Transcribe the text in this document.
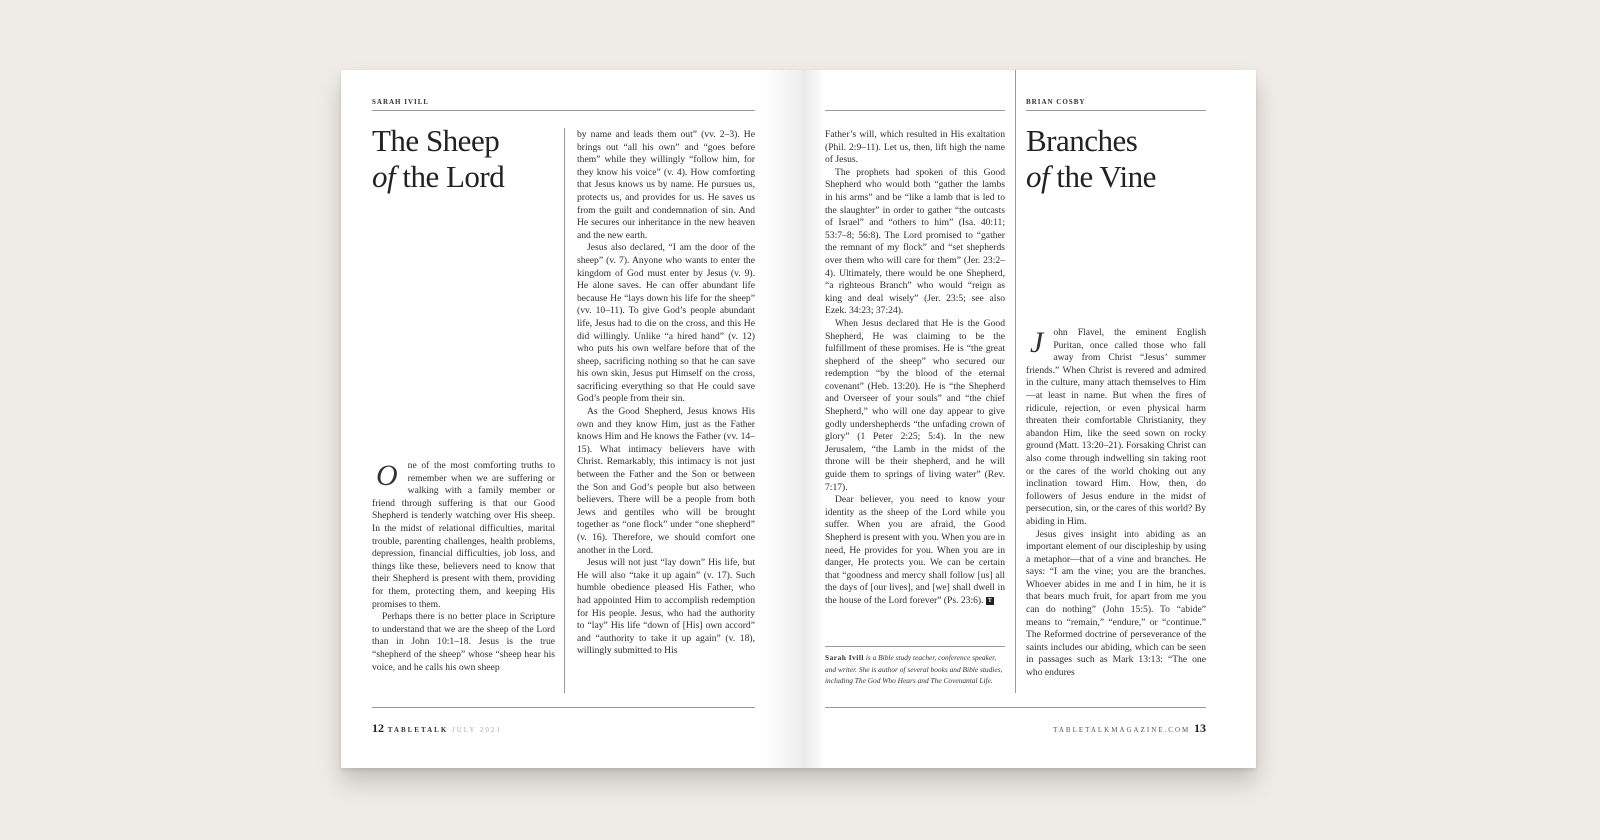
SARAH IVILL
The Sheep
of the Lord

O	ne of the most comforting truths to remember when we are suffering or walking with a family member or friend through suffering is that our Good Shepherd is tenderly watching over His sheep. In the midst of relational difficulties, marital trouble, parenting challenges, health problems, depression, financial difficulties, job loss, and things like these, believers need to know that their Shepherd is present with them, providing for them, protecting them, and keeping His promises to them.

Perhaps there is no better place in Scripture to understand that we are the sheep of the Lord than in John 10:1–18. Jesus is the true “shepherd of the sheep” whose “sheep hear his voice, and he calls his own sheep

by name and leads them out” (vv. 2–3). He brings out “all his own” and “goes before them” while they willingly “follow him, for they know his voice” (v. 4). How comforting that Jesus knows us by name. He pursues us, protects us, and provides for us. He saves us from the guilt and condemnation of sin. And He secures our inheritance in the new heaven and the new earth.

Jesus also declared, “I am the door of the sheep” (v. 7). Anyone who wants to enter the kingdom of God must enter by Jesus (v. 9). He alone saves. He can offer abundant life because He “lays down his life for the sheep” (vv. 10–11). To give God’s people abundant life, Jesus had to die on the cross, and this He did willingly. Unlike “a hired hand” (v. 12) who puts his own welfare before that of the sheep, sacrificing nothing so that he can save his own skin, Jesus put Himself on the cross, sacrificing everything so that He could save God’s people from their sin.

As the Good Shepherd, Jesus knows His own and they know Him, just as the Father knows Him and He knows the Father (vv. 14–15). What intimacy believers have with Christ. Remarkably, this intimacy is not just between the Father and the Son or between the Son and God’s people but also between believers. There will be a people from both Jews and gentiles who will be brought together as “one flock” under “one shepherd” (v. 16). Therefore, we should comfort one another in the Lord.

Jesus will not just “lay down” His life, but He will also “take it up again” (v. 17). Such humble obedience pleased His Father, who had appointed Him to accomplish redemption for His people. Jesus, who had the authority to “lay” His life “down of [His] own accord” and “authority to take it up again” (v. 18), willingly submitted to His

12 TABLETALK JULY 2021

Father’s will, which resulted in His exaltation (Phil. 2:9–11). Let us, then, lift high the name of Jesus.

The prophets had spoken of this Good Shepherd who would both “gather the lambs in his arms” and be “like a lamb that is led to the slaughter” in order to gather “the outcasts of Israel” and “others to him” (Isa. 40:11; 53:7–8; 56:8). The Lord promised to “gather the remnant of my flock” and “set shepherds over them who will care for them” (Jer. 23:2–4). Ultimately, there would be one Shepherd, “a righteous Branch” who would “reign as king and deal wisely” (Jer. 23:5; see also Ezek. 34:23; 37:24).

When Jesus declared that He is the Good Shepherd, He was claiming to be the fulfillment of these promises. He is “the great shepherd of the sheep” who secured our redemption “by the blood of the eternal covenant” (Heb. 13:20). He is “the Shepherd and Overseer of your souls” and “the chief Shepherd,” who will one day appear to give godly undershepherds “the unfading crown of glory” (1 Peter 2:25; 5:4). In the new Jerusalem, “the Lamb in the midst of the throne will be their shepherd, and he will guide them to springs of living water” (Rev. 7:17).

Dear believer, you need to know your identity as the sheep of the Lord while you suffer. When you are afraid, the Good Shepherd is present with you. When you are in need, He provides for you. When you are in danger, He protects you. We can be certain that “goodness and mercy shall follow [us] all the days of [our lives], and [we] shall dwell in the house of the Lord forever” (Ps. 23:6). T

Sarah Ivill is a Bible study teacher, conference speaker, and writer. She is author of several books and Bible studies, including The God Who Hears and The Covenantal Life.
BRIAN COSBY
Branches
of the Vine

J	ohn Flavel, the eminent English Puritan, once called those who fall away from Christ “Jesus’ summer friends.” When Christ is revered and admired in the culture, many attach themselves to Him—at least in name. But when the fires of ridicule, rejection, or even physical harm threaten their comfortable Christianity, they abandon Him, like the seed sown on rocky ground (Matt. 13:20–21). Forsaking Christ can also come through indwelling sin taking root or the cares of the world choking out any inclination toward Him. How, then, do followers of Jesus endure in the midst of persecution, sin, or the cares of this world? By abiding in Him.

Jesus gives insight into abiding as an important element of our discipleship by using a metaphor—that of a vine and branches. He says: “I am the vine; you are the branches. Whoever abides in me and I in him, he it is that bears much fruit, for apart from me you can do nothing” (John 15:5). To “abide” means to “remain,” “endure,” or “continue.” The Reformed doctrine of perseverance of the saints includes our abiding, which can be seen in passages such as Mark 13:13: “The one who endures

TABLETALKMAGAZINE.COM 13
